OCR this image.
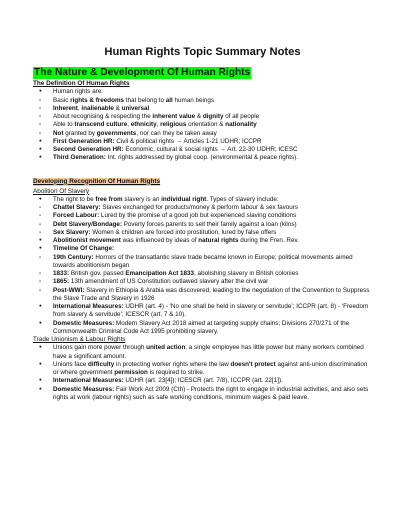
Human Rights Topic Summary Notes
The Nature & Development Of Human Rights
The Definition Of Human Rights
●
Human rights are:
-
Basic rights & freedoms that belong to all human beings
-
Inherent, inalienable & universal
-
About recognising & respecting the inherent value & dignity of all people
-
Able to transcend culture, ethnicity, religious orientation & nationality
-
Not granted by governments, nor can they be taken away
●
First Generation HR: Civil & political rights → Articles 1-21 UDHR; ICCPR
●
Second Generation HR: Economic, cultural & social rights → Art. 22-30 UDHR; ICESC
●
Third Generation: Int. rights addressed by global coop. (environmental & peace rights).
Developing Recognition Of Human Rights
Abolition Of Slavery
●
The right to be free from slavery is an individual right. Types of slavery include:
-
Chattel Slavery: Slaves exchanged for products/money & perform labour & sex favours
-
Forced Labour: Lured by the promise of a good job but experienced slaving conditions
-
Debt Slavery/Bondage: Poverty forces parents to sell their family against a loan (kilns)
-
Sex Slavery: Women & children are forced into prostitution, lured by false offers
●
Abolitionist movement was influenced by ideas of natural rights during the Fren. Rev.
●
Timeline Of Change:
-
19th Century: Horrors of the transatlantic slave trade became known in Europe; political movements aimed towards abolitionism began
-
1833: British gov. passed Emancipation Act 1833, abolishing slavery in British colonies
-
1865: 13th amendment of US Constitution outlawed slavery after the civil war
-
Post-WWI: Slavery in Ethiopia & Arabia was discovered, leading to the negotiation of the Convention to Suppress the Slave Trade and Slavery in 1926
●
International Measures: UDHR (art. 4) - ‘No one shall be held in slavery or servitude’; ICCPR (art. 8) - ‘Freedom from slavery & servitude’; ICESCR (art. 7 & 10).
●
Domestic Measures: Modern Slavery Act 2018 aimed at targeting supply chains; Divisions 270/271 of the Commonwealth Criminal Code Act 1995 prohibiting slavery.
Trade Unionism & Labour Rights
●
Unions gain more power through united action; a single employee has little power but many workers combined have a significant amount.
●
Unions face difficulty in protecting worker rights where the law doesn't protect against anti-union discrimination or where government permission is required to strike.
●
International Measures: UDHR (art. 23[4]); ICESCR (art. 7/8), ICCPR (art. 22[1]).
●
Domestic Measures: Fair Work Act 2009 (Cth) - Protects the right to engage in industrial activities, and also sets rights at work (labour rights) such as safe working conditions, minimum wages & paid leave.
